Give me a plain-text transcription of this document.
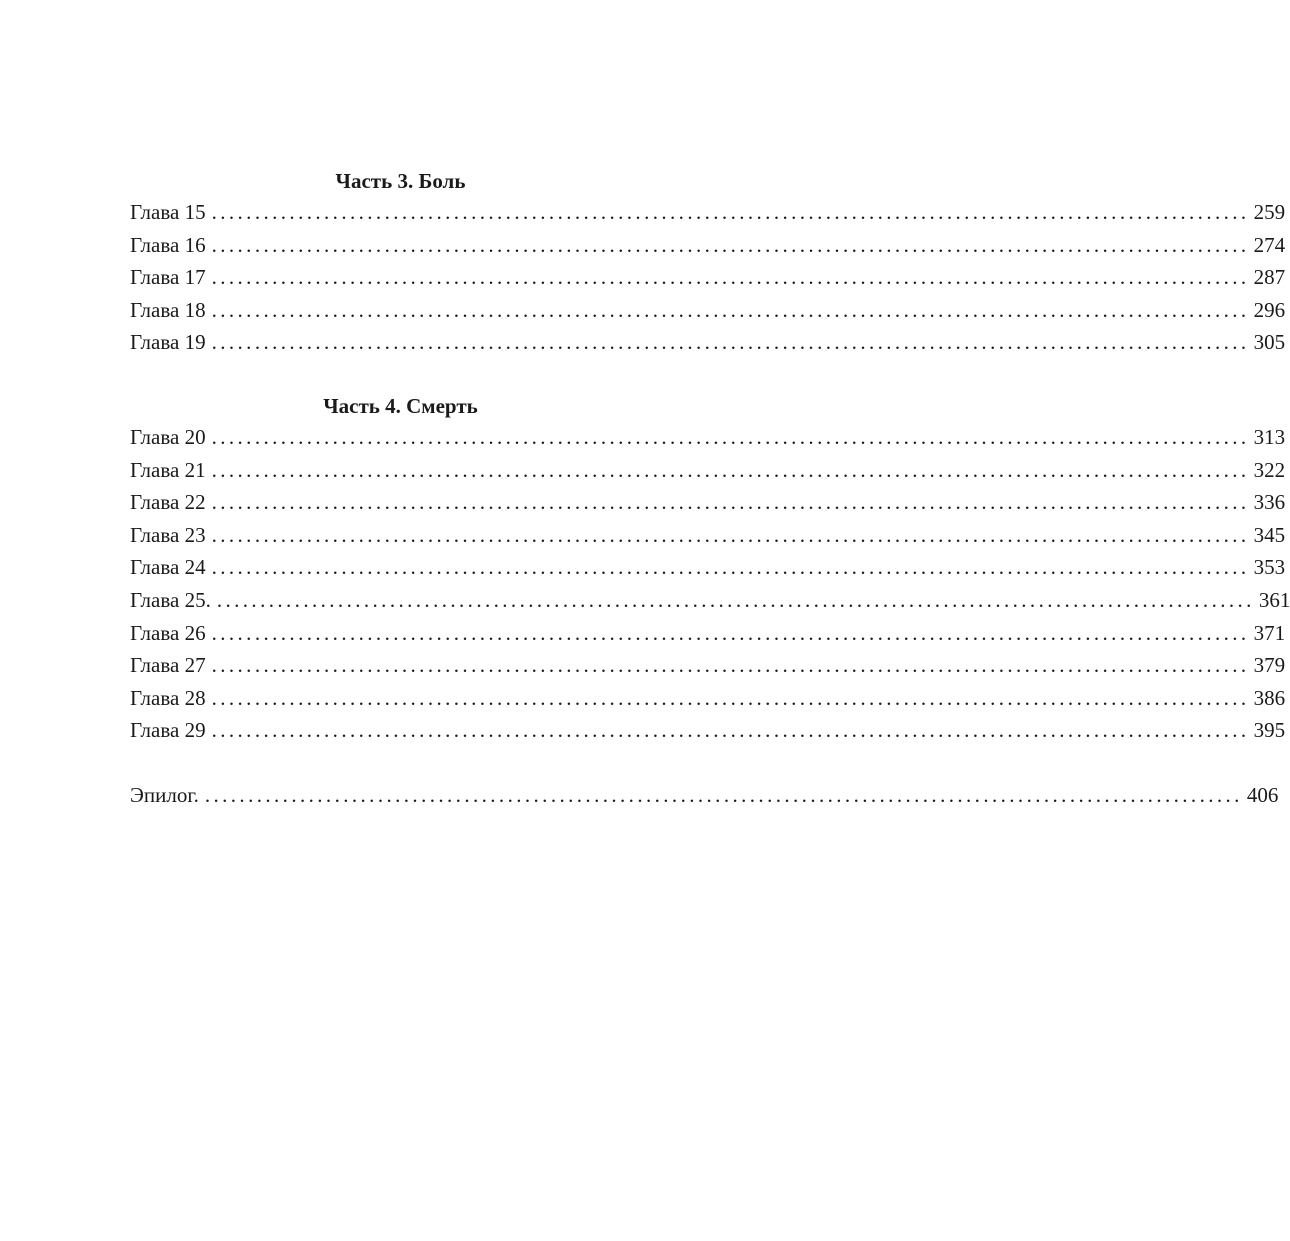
Часть 3. Боль
Глава 15 ........................................................................................................................ 259
Глава 16 ........................................................................................................................ 274
Глава 17 ........................................................................................................................ 287
Глава 18 ........................................................................................................................ 296
Глава 19 ........................................................................................................................ 305
Часть 4. Смерть
Глава 20 ........................................................................................................................ 313
Глава 21 ........................................................................................................................ 322
Глава 22 ........................................................................................................................ 336
Глава 23 ........................................................................................................................ 345
Глава 24 ........................................................................................................................ 353
Глава 25. ........................................................................................................................ 361
Глава 26 ........................................................................................................................ 371
Глава 27 ........................................................................................................................ 379
Глава 28 ........................................................................................................................ 386
Глава 29 ........................................................................................................................ 395
Эпилог. ........................................................................................................................ 406
